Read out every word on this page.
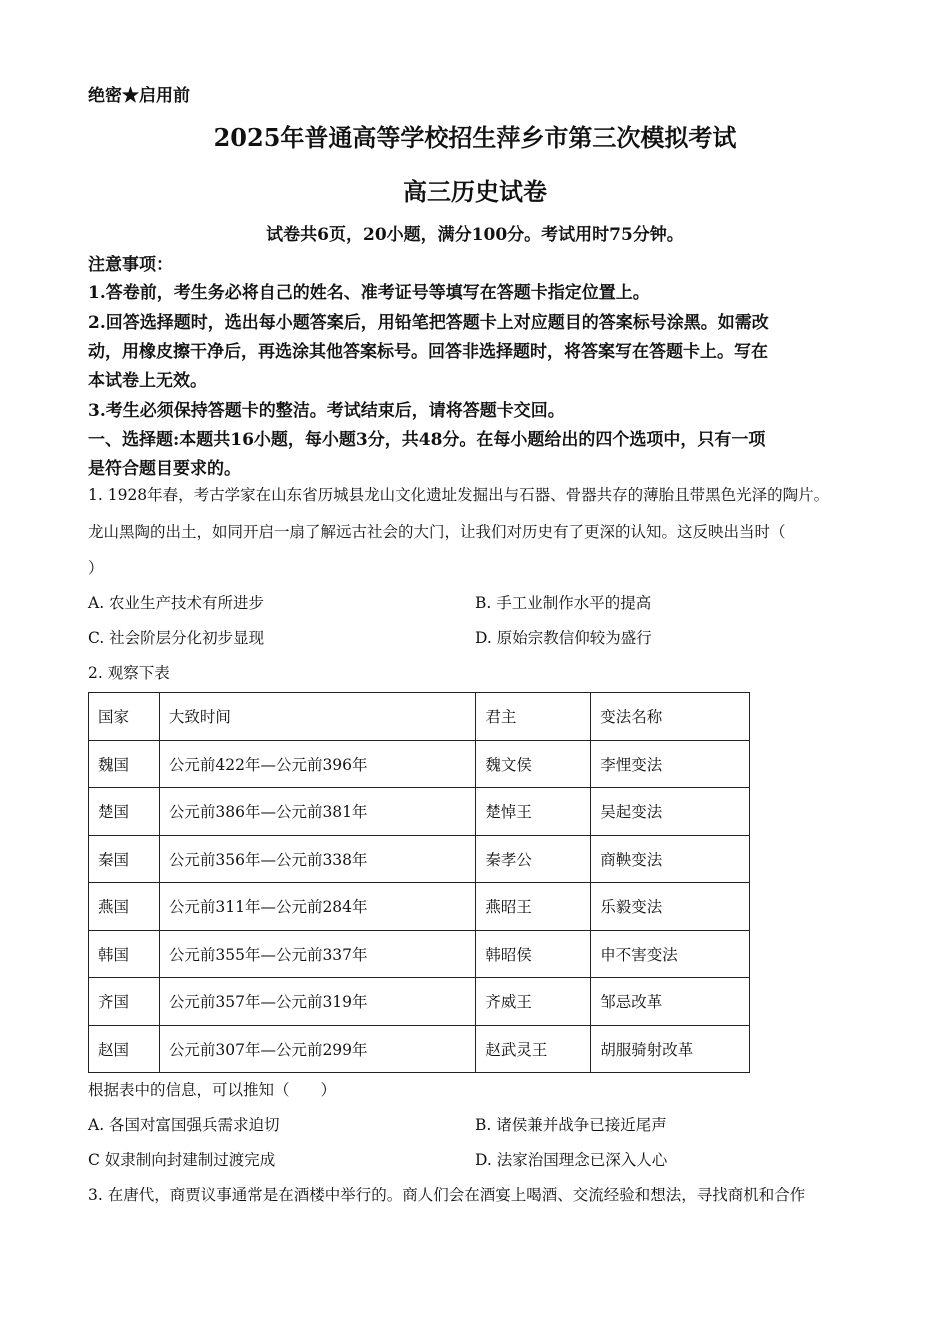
绝密★启用前
2025年普通高等学校招生萍乡市第三次模拟考试
高三历史试卷
试卷共6页，20小题，满分100分。考试用时75分钟。
注意事项：
1.答卷前，考生务必将自己的姓名、准考证号等填写在答题卡指定位置上。
2.回答选择题时，选出每小题答案后，用铅笔把答题卡上对应题目的答案标号涂黑。如需改
动，用橡皮擦干净后，再选涂其他答案标号。回答非选择题时，将答案写在答题卡上。写在
本试卷上无效。
3.考生必须保持答题卡的整洁。考试结束后，请将答题卡交回。
一、选择题:本题共16小题，每小题3分，共48分。在每小题给出的四个选项中，只有一项
是符合题目要求的。
1. 1928年春，考古学家在山东省历城县龙山文化遗址发掘出与石器、骨器共存的薄胎且带黑色光泽的陶片。
龙山黑陶的出土，如同开启一扇了解远古社会的大门，让我们对历史有了更深的认知。这反映出当时（
）
A. 农业生产技术有所进步	B. 手工业制作水平的提高
C. 社会阶层分化初步显现	D. 原始宗教信仰较为盛行
2. 观察下表
国家	大致时间	君主	变法名称
魏国	公元前422年—公元前396年	魏文侯	李悝变法
楚国	公元前386年—公元前381年	楚悼王	吴起变法
秦国	公元前356年—公元前338年	秦孝公	商鞅变法
燕国	公元前311年—公元前284年	燕昭王	乐毅变法
韩国	公元前355年—公元前337年	韩昭侯	申不害变法
齐国	公元前357年—公元前319年	齐威王	邹忌改革
赵国	公元前307年—公元前299年	赵武灵王	胡服骑射改革
根据表中的信息，可以推知（　　）
A. 各国对富国强兵需求迫切	B. 诸侯兼并战争已接近尾声
C 奴隶制向封建制过渡完成	D. 法家治国理念已深入人心
3. 在唐代，商贾议事通常是在酒楼中举行的。商人们会在酒宴上喝酒、交流经验和想法，寻找商机和合作
